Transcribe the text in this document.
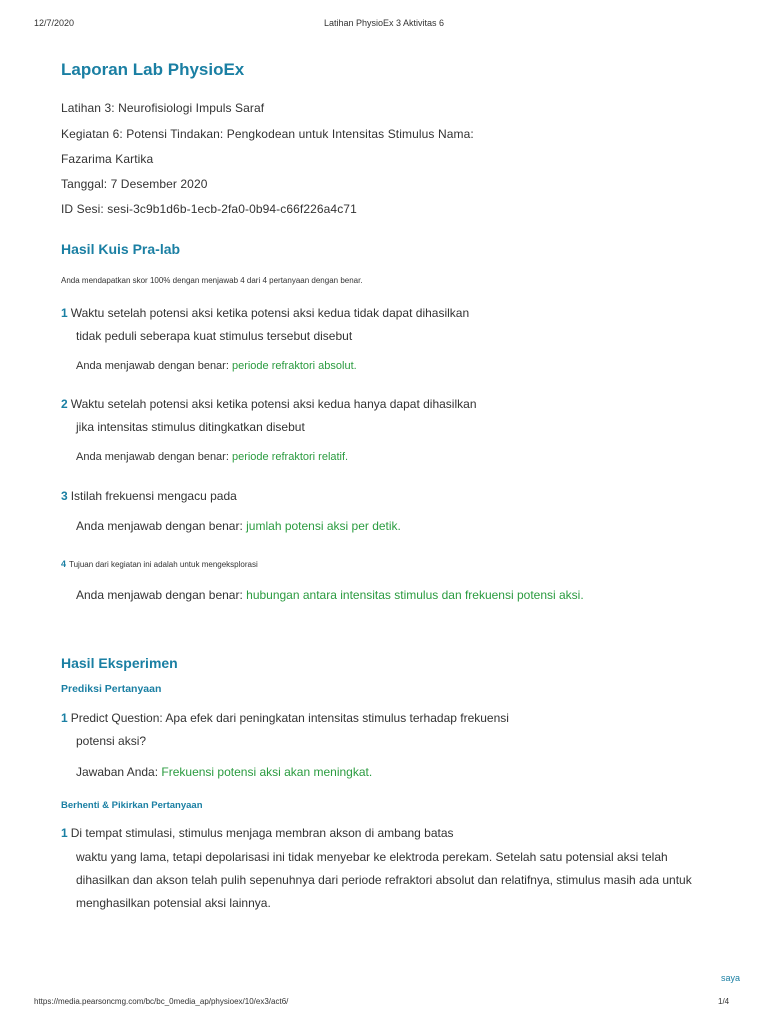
12/7/2020	Latihan PhysioEx 3 Aktivitas 6
Laporan Lab PhysioEx
Latihan 3: Neurofisiologi Impuls Saraf
Kegiatan 6: Potensi Tindakan: Pengkodean untuk Intensitas Stimulus Nama:
Fazarima Kartika
Tanggal: 7 Desember 2020
ID Sesi: sesi-3c9b1d6b-1ecb-2fa0-0b94-c66f226a4c71
Hasil Kuis Pra-lab
Anda mendapatkan skor 100% dengan menjawab 4 dari 4 pertanyaan dengan benar.
1 Waktu setelah potensi aksi ketika potensi aksi kedua tidak dapat dihasilkan
tidak peduli seberapa kuat stimulus tersebut disebut
Anda menjawab dengan benar: periode refraktori absolut.
2 Waktu setelah potensi aksi ketika potensi aksi kedua hanya dapat dihasilkan
jika intensitas stimulus ditingkatkan disebut
Anda menjawab dengan benar: periode refraktori relatif.
3 Istilah frekuensi mengacu pada
Anda menjawab dengan benar: jumlah potensi aksi per detik.
4 Tujuan dari kegiatan ini adalah untuk mengeksplorasi
Anda menjawab dengan benar: hubungan antara intensitas stimulus dan frekuensi potensi aksi.
Hasil Eksperimen
Prediksi Pertanyaan
1 Predict Question: Apa efek dari peningkatan intensitas stimulus terhadap frekuensi
potensi aksi?
Jawaban Anda: Frekuensi potensi aksi akan meningkat.
Berhenti & Pikirkan Pertanyaan
1 Di tempat stimulasi, stimulus menjaga membran akson di ambang batas
waktu yang lama, tetapi depolarisasi ini tidak menyebar ke elektroda perekam. Setelah satu potensial aksi telah
dihasilkan dan akson telah pulih sepenuhnya dari periode refraktori absolut dan relatifnya, stimulus masih ada untuk
menghasilkan potensial aksi lainnya.
saya
https://media.pearsoncmg.com/bc/bc_0media_ap/physioex/10/ex3/act6/	1/4
